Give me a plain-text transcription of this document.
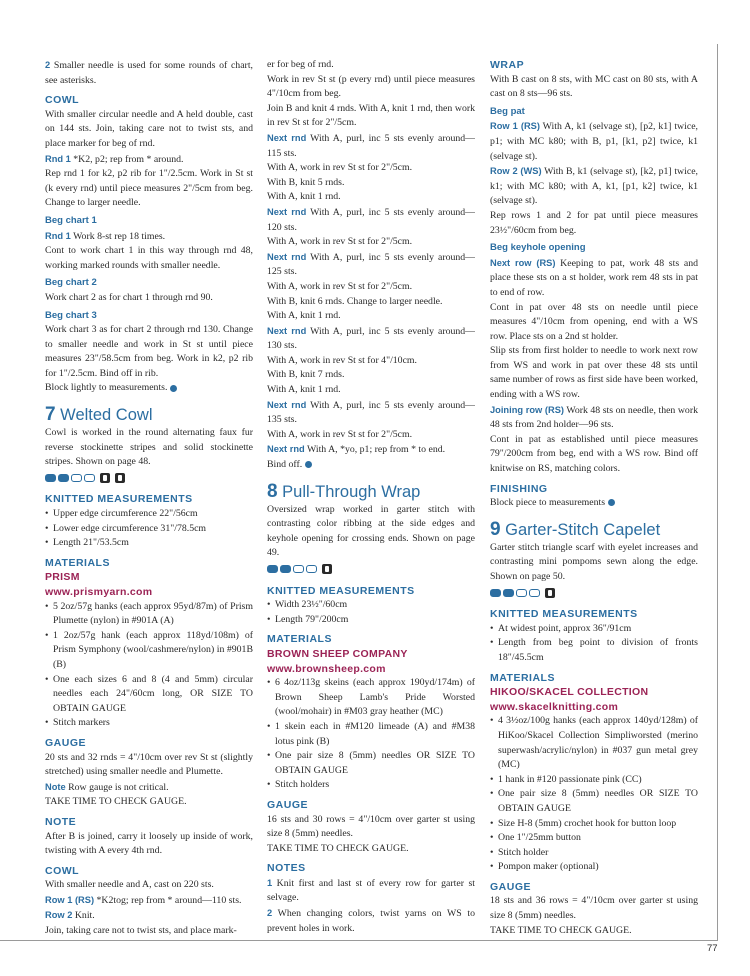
2 Smaller needle is used for some rounds of chart, see asterisks.

COWL

With smaller circular needle and A held double, cast on 144 sts. Join, taking care not to twist sts, and place marker for beg of rnd.

Rnd 1 *K2, p2; rep from * around.

Rep rnd 1 for k2, p2 rib for 1"/2.5cm. Work in St st (k every rnd) until piece measures 2"/5cm from beg. Change to larger needle.

Beg chart 1

Rnd 1 Work 8-st rep 18 times.

Cont to work chart 1 in this way through rnd 48, working marked rounds with smaller needle.

Beg chart 2

Work chart 2 as for chart 1 through rnd 90.

Beg chart 3

Work chart 3 as for chart 2 through rnd 130. Change to smaller needle and work in St st until piece measures 23"/58.5cm from beg. Work in k2, p2 rib for 1"/2.5cm. Bind off in rib.

Block lightly to measurements.

7 Welted Cowl

Cowl is worked in the round alternating faux fur reverse stockinette stripes and solid stockinette stripes. Shown on page 48.

KNITTED MEASUREMENTS
• Upper edge circumference 22"/56cm
• Lower edge circumference 31"/78.5cm
• Length 21"/53.5cm
MATERIALS
PRISM
www.prismyarn.com
• 5 2oz/57g hanks (each approx 95yd/87m) of Prism Plumette (nylon) in #901A (A)
• 1 2oz/57g hank (each approx 118yd/108m) of Prism Symphony (wool/cashmere/nylon) in #901B (B)
• One each sizes 6 and 8 (4 and 5mm) circular needles each 24"/60cm long, OR SIZE TO OBTAIN GAUGE
• Stitch markers
GAUGE

20 sts and 32 rnds = 4"/10cm over rev St st (slightly stretched) using smaller needle and Plumette.

Note Row gauge is not critical.

TAKE TIME TO CHECK GAUGE.

NOTE

After B is joined, carry it loosely up inside of work, twisting with A every 4th rnd.

COWL

With smaller needle and A, cast on 220 sts.

Row 1 (RS) *K2tog; rep from * around—110 sts.

Row 2 Knit.

Join, taking care not to twist sts, and place mark-

er for beg of rnd.

Work in rev St st (p every rnd) until piece measures 4"/10cm from beg.

Join B and knit 4 rnds. With A, knit 1 rnd, then work in rev St st for 2"/5cm.

Next rnd With A, purl, inc 5 sts evenly around—115 sts.

With A, work in rev St st for 2"/5cm.

With B, knit 5 rnds.

With A, knit 1 rnd.

Next rnd With A, purl, inc 5 sts evenly around—120 sts.

With A, work in rev St st for 2"/5cm.

Next rnd With A, purl, inc 5 sts evenly around—125 sts.

With A, work in rev St st for 2"/5cm.

With B, knit 6 rnds. Change to larger needle.

With A, knit 1 rnd.

Next rnd With A, purl, inc 5 sts evenly around—130 sts.

With A, work in rev St st for 4"/10cm.

With B, knit 7 rnds.

With A, knit 1 rnd.

Next rnd With A, purl, inc 5 sts evenly around—135 sts.

With A, work in rev St st for 2"/5cm.

Next rnd With A, *yo, p1; rep from * to end.

Bind off.

8 Pull-Through Wrap

Oversized wrap worked in garter stitch with contrasting color ribbing at the side edges and keyhole opening for crossing ends. Shown on page 49.

KNITTED MEASUREMENTS
• Width 23½"/60cm
• Length 79"/200cm
MATERIALS
BROWN SHEEP COMPANY
www.brownsheep.com
• 6 4oz/113g skeins (each approx 190yd/174m) of Brown Sheep Lamb's Pride Worsted (wool/mohair) in #M03 gray heather (MC)
• 1 skein each in #M120 limeade (A) and #M38 lotus pink (B)
• One pair size 8 (5mm) needles OR SIZE TO OBTAIN GAUGE
• Stitch holders
GAUGE

16 sts and 30 rows = 4"/10cm over garter st using size 8 (5mm) needles.

TAKE TIME TO CHECK GAUGE.

NOTES

1 Knit first and last st of every row for garter st selvage.

2 When changing colors, twist yarns on WS to prevent holes in work.

WRAP

With B cast on 8 sts, with MC cast on 80 sts, with A cast on 8 sts—96 sts.

Beg pat

Row 1 (RS) With A, k1 (selvage st), [p2, k1] twice, p1; with MC k80; with B, p1, [k1, p2] twice, k1 (selvage st).

Row 2 (WS) With B, k1 (selvage st), [k2, p1] twice, k1; with MC k80; with A, k1, [p1, k2] twice, k1 (selvage st).

Rep rows 1 and 2 for pat until piece measures 23½"/60cm from beg.

Beg keyhole opening

Next row (RS) Keeping to pat, work 48 sts and place these sts on a st holder, work rem 48 sts in pat to end of row.

Cont in pat over 48 sts on needle until piece measures 4"/10cm from opening, end with a WS row. Place sts on a 2nd st holder.

Slip sts from first holder to needle to work next row from WS and work in pat over these 48 sts until same number of rows as first side have been worked, ending with a WS row.

Joining row (RS) Work 48 sts on needle, then work 48 sts from 2nd holder—96 sts.

Cont in pat as established until piece measures 79"/200cm from beg, end with a WS row. Bind off knitwise on RS, matching colors.

FINISHING

Block piece to measurements

9 Garter-Stitch Capelet

Garter stitch triangle scarf with eyelet increases and contrasting mini pompoms sewn along the edge. Shown on page 50.

KNITTED MEASUREMENTS
• At widest point, approx 36"/91cm
• Length from beg point to division of fronts 18"/45.5cm
MATERIALS
HIKOO/SKACEL COLLECTION
www.skacelknitting.com
• 4 3½oz/100g hanks (each approx 140yd/128m) of HiKoo/Skacel Collection Simpliworsted (merino superwash/acrylic/nylon) in #037 gun metal grey (MC)
• 1 hank in #120 passionate pink (CC)
• One pair size 8 (5mm) needles OR SIZE TO OBTAIN GAUGE
• Size H-8 (5mm) crochet hook for button loop
• One 1"/25mm button
• Stitch holder
• Pompon maker (optional)
GAUGE

18 sts and 36 rows = 4"/10cm over garter st using size 8 (5mm) needles.

TAKE TIME TO CHECK GAUGE.

77
